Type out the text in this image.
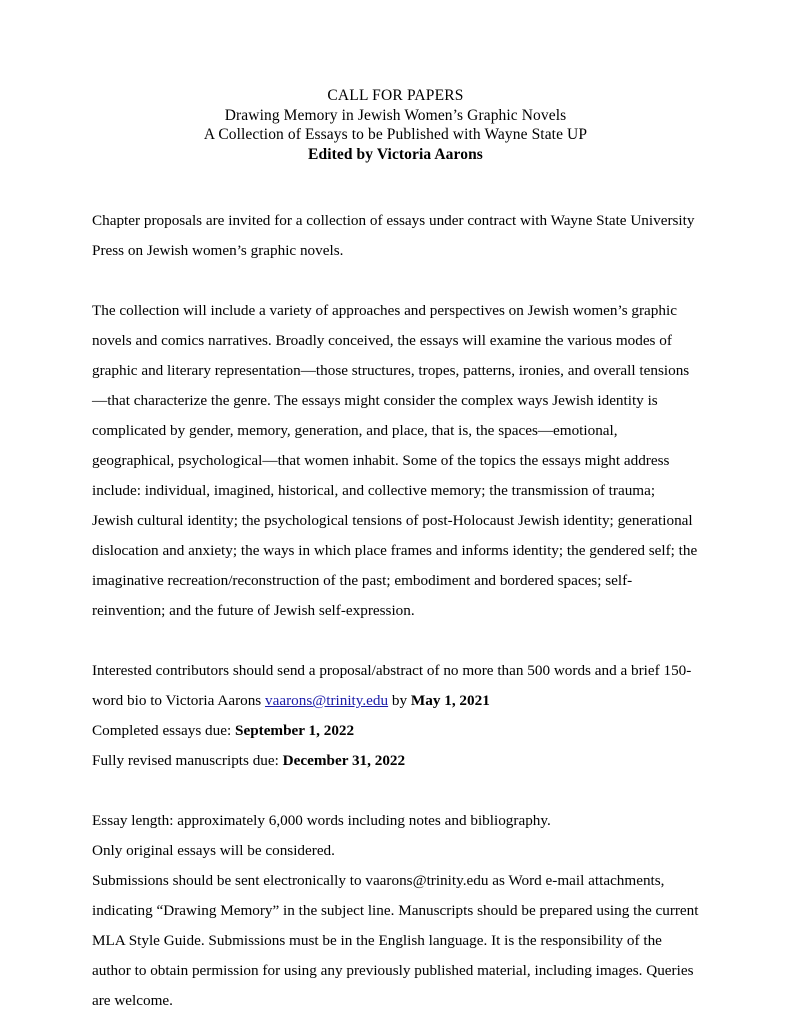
CALL FOR PAPERS
Drawing Memory in Jewish Women’s Graphic Novels
A Collection of Essays to be Published with Wayne State UP
Edited by Victoria Aarons

Chapter proposals are invited for a collection of essays under contract with Wayne State University Press on Jewish women’s graphic novels.

The collection will include a variety of approaches and perspectives on Jewish women’s graphic novels and comics narratives. Broadly conceived, the essays will examine the various modes of graphic and literary representation—those structures, tropes, patterns, ironies, and overall tensions—that characterize the genre. The essays might consider the complex ways Jewish identity is complicated by gender, memory, generation, and place, that is, the spaces—emotional, geographical, psychological—that women inhabit. Some of the topics the essays might address include: individual, imagined, historical, and collective memory; the transmission of trauma; Jewish cultural identity; the psychological tensions of post-Holocaust Jewish identity; generational dislocation and anxiety; the ways in which place frames and informs identity; the gendered self; the imaginative recreation/reconstruction of the past; embodiment and bordered spaces; self-reinvention; and the future of Jewish self-expression.

Interested contributors should send a proposal/abstract of no more than 500 words and a brief 150-word bio to Victoria Aarons vaarons@trinity.edu by May 1, 2021

Completed essays due: September 1, 2022

Fully revised manuscripts due: December 31, 2022

Essay length: approximately 6,000 words including notes and bibliography.

Only original essays will be considered.

Submissions should be sent electronically to vaarons@trinity.edu as Word e-mail attachments, indicating “Drawing Memory” in the subject line. Manuscripts should be prepared using the current MLA Style Guide. Submissions must be in the English language. It is the responsibility of the author to obtain permission for using any previously published material, including images. Queries are welcome.
